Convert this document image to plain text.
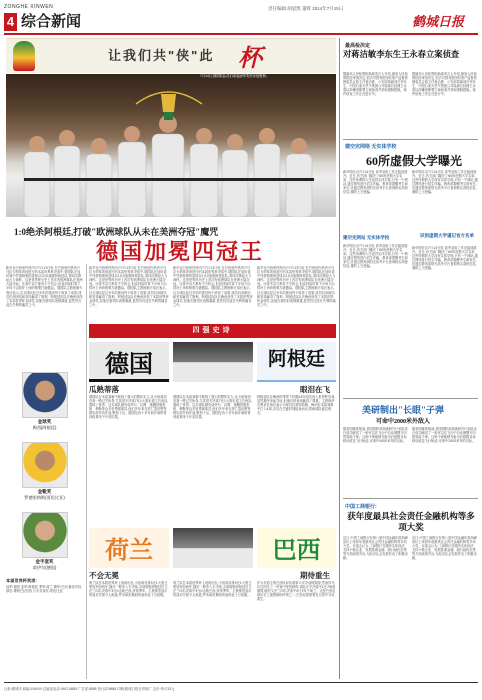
ZONGHE XINWEN	责任编辑:胡思凯 董辉 2014年7月15日
4 综合新闻	鹤城日报
让我们共"侠"此 杯
7月14日,德国队队员们拿起冠军奖杯庆祝胜利。
1:0绝杀阿根廷,打破"欧洲球队从未在美洲夺冠"魔咒
德国加冕四冠王
新华社巴西里约热内卢7月13日电 在巴西里约热内卢马拉卡纳体育场进行的本届世界杯决赛中,德国队在加时赛中凭借格策的进球以1比0战胜阿根廷队,第四次捧起大力神杯。这是世界杯历史上首次有欧洲球队在美洲大陆夺冠。比赛中双方都有不少机会,但直到加时赛下半场才由替补上场的格策打破僵局。德国队主教练勒夫赛后表示,这支球队经过多年的建设终于收获了成果,球员们用团结和坚持赢得了胜利。阿根廷队队长梅西获得了本届世界杯金球奖,但他在颁奖时表情凝重,显然仍沉浸在失利的痛苦之中。
新华社巴西里约热内卢7月13日电 在巴西里约热内卢马拉卡纳体育场进行的本届世界杯决赛中,德国队在加时赛中凭借格策的进球以1比0战胜阿根廷队,第四次捧起大力神杯。这是世界杯历史上首次有欧洲球队在美洲大陆夺冠。比赛中双方都有不少机会,但直到加时赛下半场才由替补上场的格策打破僵局。德国队主教练勒夫赛后表示,这支球队经过多年的建设终于收获了成果,球员们用团结和坚持赢得了胜利。阿根廷队队长梅西获得了本届世界杯金球奖,但他在颁奖时表情凝重,显然仍沉浸在失利的痛苦之中。
新华社巴西里约热内卢7月13日电 在巴西里约热内卢马拉卡纳体育场进行的本届世界杯决赛中,德国队在加时赛中凭借格策的进球以1比0战胜阿根廷队,第四次捧起大力神杯。这是世界杯历史上首次有欧洲球队在美洲大陆夺冠。比赛中双方都有不少机会,但直到加时赛下半场才由替补上场的格策打破僵局。德国队主教练勒夫赛后表示,这支球队经过多年的建设终于收获了成果,球员们用团结和坚持赢得了胜利。阿根廷队队长梅西获得了本届世界杯金球奖,但他在颁奖时表情凝重,显然仍沉浸在失利的痛苦之中。
新华社巴西里约热内卢7月13日电 在巴西里约热内卢马拉卡纳体育场进行的本届世界杯决赛中,德国队在加时赛中凭借格策的进球以1比0战胜阿根廷队,第四次捧起大力神杯。这是世界杯历史上首次有欧洲球队在美洲大陆夺冠。比赛中双方都有不少机会,但直到加时赛下半场才由替补上场的格策打破僵局。德国队主教练勒夫赛后表示,这支球队经过多年的建设终于收获了成果,球员们用团结和坚持赢得了胜利。阿根廷队队长梅西获得了本届世界杯金球奖,但他在颁奖时表情凝重,显然仍沉浸在失利的痛苦之中。
四强史诗
金球奖
梅西(阿根廷)
金靴奖
罗德里格斯(哥伦比亚)
金手套奖
诺伊尔(德国)
本届世界杯奖项:
冠军:德国 亚军:阿根廷 季军:荷兰 殿军:巴西 最佳年轻球员:博格巴(法国) 公平竞赛奖:哥伦比亚
德国
瓜熟蒂落
德国队在本届赛事中展现了强大的整体实力,从小组赛到决赛一路过关斩将,尤其是半决赛7比1大胜东道主巴西队,震惊了世界。这支球队拥有诺伊尔、拉姆、施魏因施泰格、穆勒等众多世界级球员,他们多年来在拜仁慕尼黑等俱乐部并肩作战,默契十足。德国足协十多年前开始的青训改革终于开花结果。
德国队在本届赛事中展现了强大的整体实力,从小组赛到决赛一路过关斩将,尤其是半决赛7比1大胜东道主巴西队,震惊了世界。这支球队拥有诺伊尔、拉姆、施魏因施泰格、穆勒等众多世界级球员,他们多年来在拜仁慕尼黑等俱乐部并肩作战,默契十足。德国足协十多年前开始的青训改革终于开花结果。
阿根廷
眼泪在飞
阿根廷队在梅西的带领下时隔24年再次闯入世界杯决赛,虽然最终未能夺冠,但他们的表现赢得了尊重。主教练萨贝利亚在赛后表示为球员们感到骄傲。梅西在本届赛事中打入4球,多次在关键时刻挺身而出,帮助球队渡过难关。
荷兰
不会无冕
荷兰队在本届世界杯上表现出色,小组赛首战5比1大胜卫冕冠军西班牙,随后一路杀入半决赛,点球惜败阿根廷后又在三四名决赛中3比0击败巴西,获得季军。主教练范加尔的战术安排令人称道,罗本和范佩西的表现也十分抢眼。
荷兰队在本届世界杯上表现出色,小组赛首战5比1大胜卫冕冠军西班牙,随后一路杀入半决赛,点球惜败阿根廷后又在三四名决赛中3比0击败巴西,获得季军。主教练范加尔的战术安排令人称道,罗本和范佩西的表现也十分抢眼。
巴西
期待重生
作为东道主的巴西队肩负着第六次夺冠的期望,然而内马尔在四分之一决赛中受伤缺阵,球队在半决赛中1比7惨败德国,随后又在三四名决赛中0比3负于荷兰。这是巴西足球历史上最黑暗的时刻之一,巴西足球需要在反思中寻求重生。
最高检决定
对蒋洁敏李东生王永春立案侦查
据最高人民检察院新闻发言人介绍,最高人民检察院经审查决定,依法对国务院国有资产监督管理委员会原主任蒋洁敏、公安部原副部长李东生、中国石油天然气集团公司原副总经理王永春以涉嫌受贿罪立案侦查并采取强制措施。案件侦查工作正在进行中。
据最高人民检察院新闻发言人介绍,最高人民检察院经审查决定,依法对国务院国有资产监督管理委员会原主任蒋洁敏、公安部原副部长李东生、中国石油天然气集团公司原副总经理王永春以涉嫌受贿罪立案侦查并采取强制措施。案件侦查工作正在进行中。
建空完网络 无实体学校
60所虚假大学曝光
新华网北京7月14日电 高考录取工作正陆续展开。近日,有关部门曝光了60所虚假大学名单。这些所谓的大学没有实体学校,只有一个网站,通过网络进行招生诈骗。教育部提醒考生和家长,应通过教育部阳光高考平台查询核实高校信息,谨防上当受骗。
新华网北京7月14日电 高考录取工作正陆续展开。近日,有关部门曝光了60所虚假大学名单。这些所谓的大学没有实体学校,只有一个网站,通过网络进行招生诈骗。教育部提醒考生和家长,应通过教育部阳光高考平台查询核实高校信息,谨防上当受骗。
建空完网站 无实体学校	识别虚假大学谨记官方名单
新华网北京7月14日电 高考录取工作正陆续展开。近日,有关部门曝光了60所虚假大学名单。这些所谓的大学没有实体学校,只有一个网站,通过网络进行招生诈骗。教育部提醒考生和家长,应通过教育部阳光高考平台查询核实高校信息,谨防上当受骗。
新华网北京7月14日电 高考录取工作正陆续展开。近日,有关部门曝光了60所虚假大学名单。这些所谓的大学没有实体学校,只有一个网站,通过网络进行招生诈骗。教育部提醒考生和家长,应通过教育部阳光高考平台查询核实高校信息,谨防上当受骗。
美研制出"长眼"子弹
可命中2000米外敌人
据美国媒体报道,美国国防部高级研究计划局近日成功测试了一种可以在飞行中自动调整方向的智能子弹。这种子弹能够在射出后根据目标移动改变飞行轨迹,可命中2000米外的目标。
据美国媒体报道,美国国防部高级研究计划局近日成功测试了一种可以在飞行中自动调整方向的智能子弹。这种子弹能够在射出后根据目标移动改变飞行轨迹,可命中2000米外的目标。
中国工商银行:
获年度最具社会责任金融机构等多项大奖
近日,中国工商银行在第八届中国金融年度高峰论坛上荣获年度最具社会责任金融机构等多项大奖。评委会认为,工商银行在服务实体经济、支持小微企业、发展普惠金融、践行绿色信贷等方面表现突出,为经济社会发展作出了积极贡献。
近日,中国工商银行在第八届中国金融年度高峰论坛上荣获年度最具社会责任金融机构等多项大奖。评委会认为,工商银行在服务实体经济、支持小微企业、发展普惠金融、践行绿色信贷等方面表现突出,为经济社会发展作出了积极贡献。
社址:鹤城市 邮编:154000 总编室电话:0467-8888 广告部:8888 发行部:8888 印刷:鹤城日报社印刷厂 定价:每月33元
